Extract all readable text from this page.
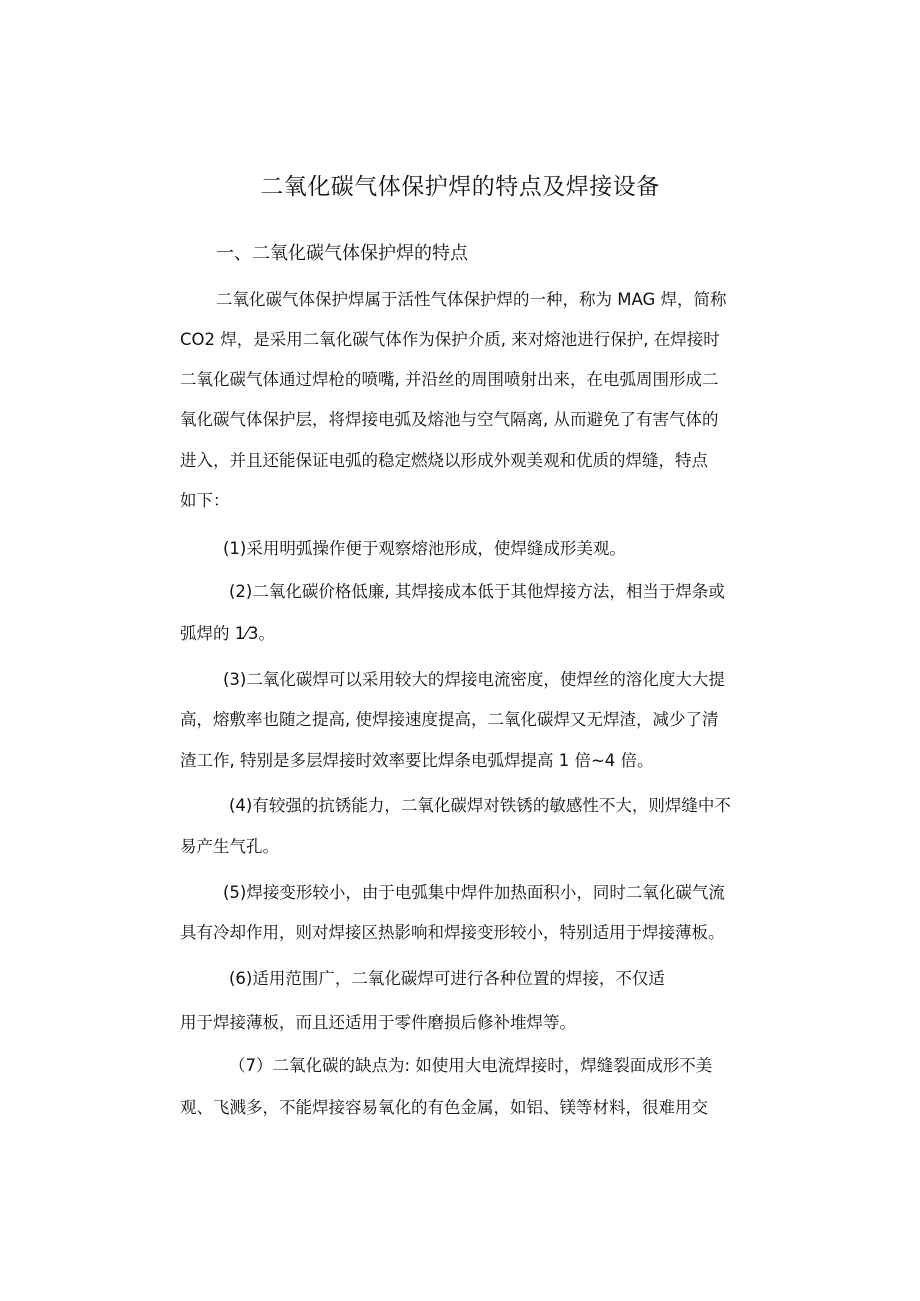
二氧化碳气体保护焊的特点及焊接设备

一、二氧化碳气体保护焊的特点

二氧化碳气体保护焊属于活性气体保护焊的一种，称为 MAG 焊，简称

CO2 焊，是采用二氧化碳气体作为保护介质, 来对熔池进行保护, 在焊接时

二氧化碳气体通过焊枪的喷嘴, 并沿丝的周围喷射出来，在电弧周围形成二

氧化碳气体保护层，将焊接电弧及熔池与空气隔离, 从而避免了有害气体的

进入，并且还能保证电弧的稳定燃烧以形成外观美观和优质的焊缝，特点

如下：

(1)采用明弧操作便于观察熔池形成，使焊缝成形美观。

(2)二氧化碳价格低廉, 其焊接成本低于其他焊接方法，相当于焊条或

弧焊的 1⁄3。

(3)二氧化碳焊可以采用较大的焊接电流密度，使焊丝的溶化度大大提

高，熔敷率也随之提高, 使焊接速度提高，二氧化碳焊又无焊渣，减少了清

渣工作, 特别是多层焊接时效率要比焊条电弧焊提高 1 倍~4 倍。

(4)有较强的抗锈能力，二氧化碳焊对铁锈的敏感性不大，则焊缝中不

易产生气孔。

(5)焊接变形较小，由于电弧集中焊件加热面积小，同时二氧化碳气流

具有冷却作用，则对焊接区热影响和焊接变形较小，特别适用于焊接薄板。

(6)适用范围广，二氧化碳焊可进行各种位置的焊接，不仅适

用于焊接薄板，而且还适用于零件磨损后修补堆焊等。

（7）二氧化碳的缺点为: 如使用大电流焊接时，焊缝裂面成形不美

观、飞溅多，不能焊接容易氧化的有色金属，如铝、镁等材料，很难用交
